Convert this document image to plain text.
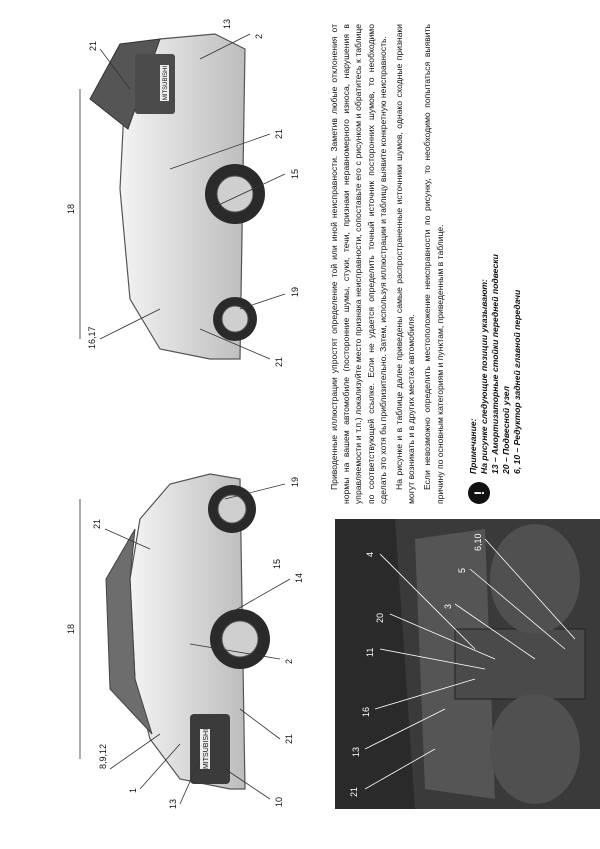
MITSUBISHI
8,9,12
1
13	10
21
18
21
2
14
15
19
MITSUBISHI
16,17
21
19
18
15
21
21
2
13
21
13
16
4
11
20
3
5
6,10

Приводенные иллюстрации упростят определение той или иной неисправности. Заметив любые отклонения от нормы на вашем автомобиле (посторонние шумы, стуки, течи, признаки неравномерного износа, нарушения в управляемости и т.п.) локализуйте место признака неисправности, сопоставьте его с рисунком и обратитесь к таблице по соответствующей ссылке. Если не удается определить точный источник посторонних шумов, то необходимо сделать это хотя бы приблизительно. Затем, используя иллюстрации и таблицу выявите конкретную неисправность. На рисунке и в таблице далее приведены самые распространенные источники шумов, однако сходные признаки могут возникать и в других местах автомобиля. Если невозможно определить местоположение неисправности по рисунку, то необходимо попытаться выявить причину по основным категориям и пунктам, приведенным в таблице. !
Примечание: На рисунке следующие позиции указывают: 13 – Амортизаторные стойки передней подвески 20 – Подвесной узел 6, 10 – Редуктор задней главной передачи
